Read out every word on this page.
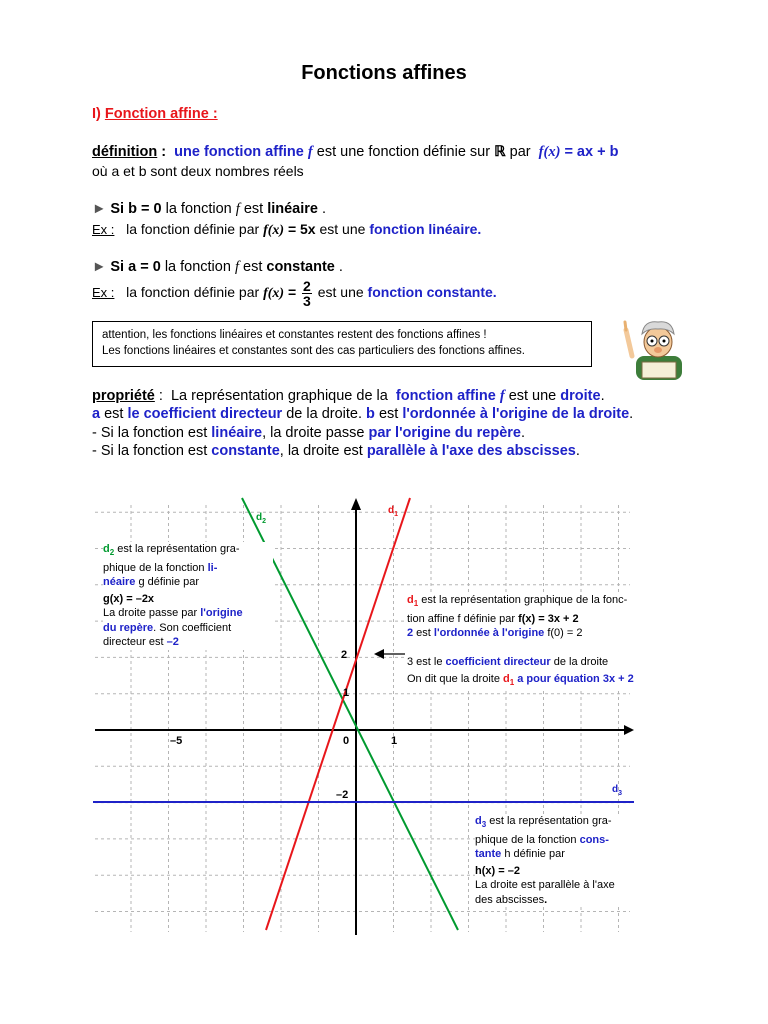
Fonctions affines
I) Fonction affine :
définition : une fonction affine f est une fonction définie sur ℝ par f(x) = ax + b
où a et b sont deux nombres réels
► Si b = 0 la fonction f est linéaire .
Ex : la fonction définie par f(x) = 5x est une fonction linéaire.
► Si a = 0 la fonction f est constante .
Ex : la fonction définie par $f(x) = \frac{2}{3}$ est une fonction constante.
attention, les fonctions linéaires et constantes restent des fonctions affines !
Les fonctions linéaires et constantes sont des cas particuliers des fonctions affines.
propriété : La représentation graphique de la fonction affine f est une droite.
a est le coefficient directeur de la droite. b est l'ordonnée à l'origine de la droite.
- Si la fonction est linéaire, la droite passe par l'origine du repère.
- Si la fonction est constante, la droite est parallèle à l'axe des abscisses.
$d_2$
$d_1$
$d_3$
–5	0	1
2
1
–2
$d_2$ est la représentation gra-
phique de la fonction li-
néaire g définie par
g(x) = –2x
La droite passe par l'origine
du repère. Son coefficient
directeur est –2
$d_1$ est la représentation graphique de la fonc-
tion affine f définie par f(x) = 3x + 2
2 est l'ordonnée à l'origine f(0) = 2
3 est le coefficient directeur de la droite
On dit que la droite $d_1$ a pour équation 3x + 2
$d_3$ est la représentation gra-
phique de la fonction cons-
tante h définie par
h(x) = –2
La droite est parallèle à l'axe
des abscisses.
